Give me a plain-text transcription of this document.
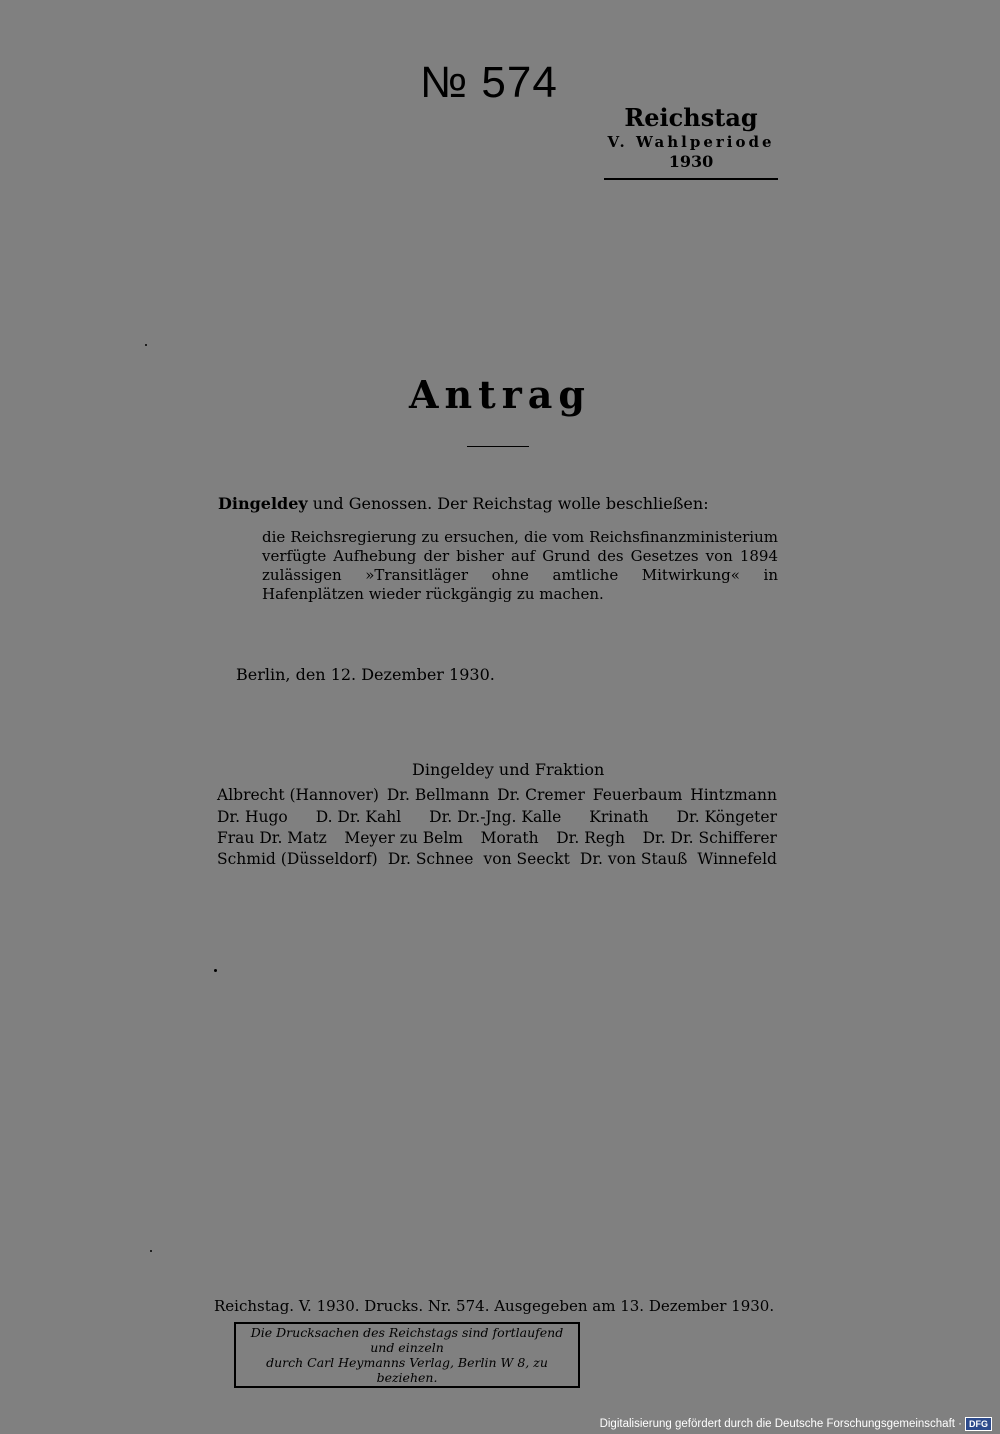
№ 574
Reichstag
V. Wahlperiode
1930
Antrag
Dingeldey und Genossen. Der Reichstag wolle beschließen:
die Reichsregierung zu ersuchen, die vom Reichsfinanzministerium verfügte Aufhebung der bisher auf Grund des Gesetzes von 1894 zulässigen »Transitläger ohne amtliche Mitwirkung« in Hafenplätzen wieder rückgängig zu machen.
Berlin, den 12. Dezember 1930.
Dingeldey und Fraktion
Albrecht (Hannover) Dr. Bellmann Dr. Cremer Feuerbaum Hintzmann
Dr. Hugo D. Dr. Kahl Dr. Dr.-Jng. Kalle Krinath Dr. Köngeter
Frau Dr. Matz Meyer zu Belm Morath Dr. Regh Dr. Dr. Schifferer
Schmid (Düsseldorf) Dr. Schnee von Seeckt Dr. von Stauß Winnefeld
Reichstag. V. 1930. Drucks. Nr. 574. Ausgegeben am 13. Dezember 1930.
Die Drucksachen des Reichstags sind fortlaufend und einzeln
durch Carl Heymanns Verlag, Berlin W 8, zu beziehen.
Digitalisierung gefördert durch die Deutsche Forschungsgemeinschaft · DFG
